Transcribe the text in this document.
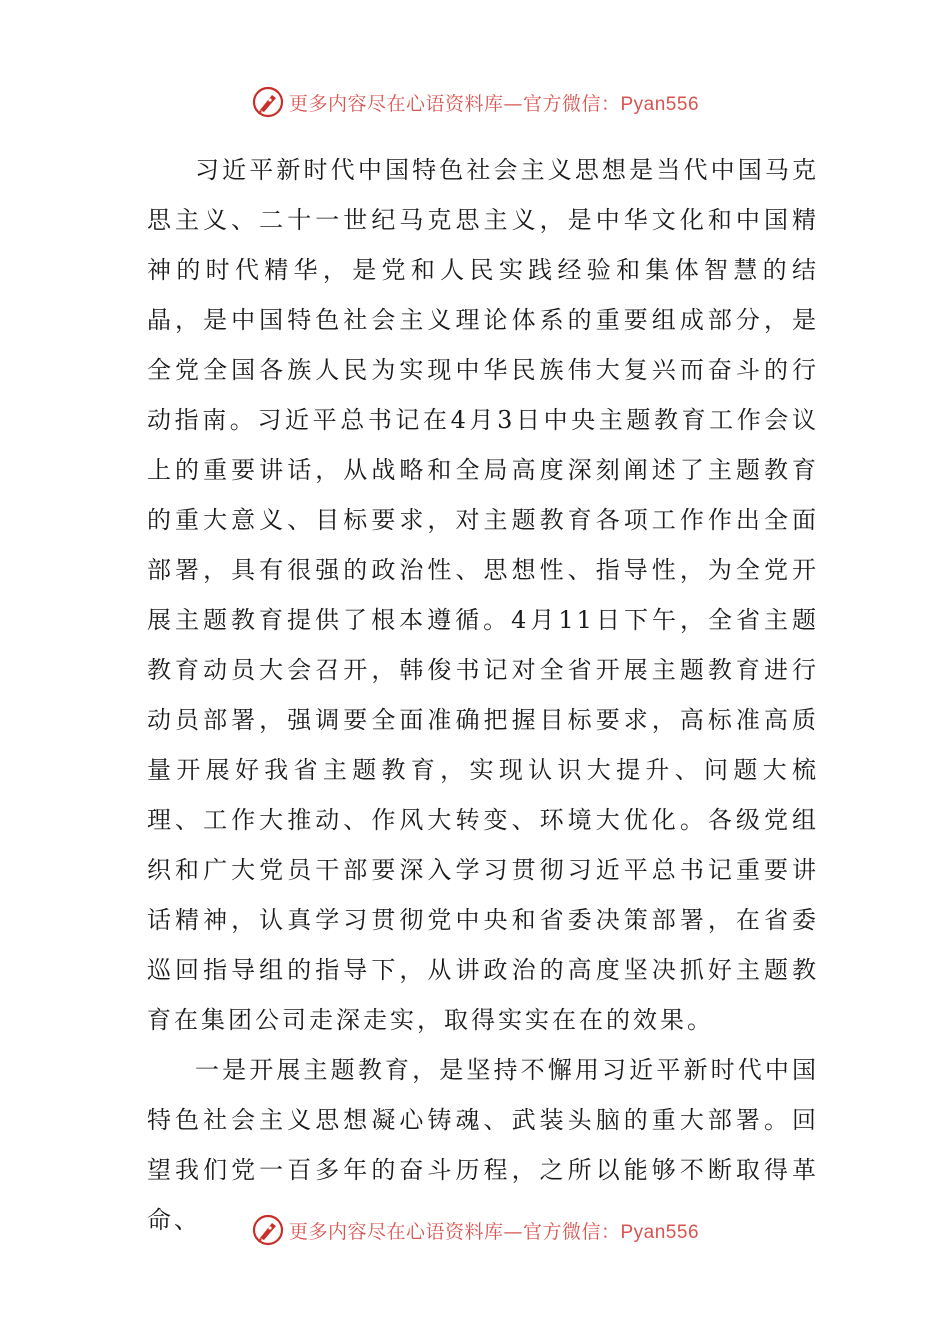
更多内容尽在心语资料库—官方微信：Pyan556

习近平新时代中国特色社会主义思想是当代中国马克思主义、二十一世纪马克思主义，是中华文化和中国精神的时代精华，是党和人民实践经验和集体智慧的结晶，是中国特色社会主义理论体系的重要组成部分，是全党全国各族人民为实现中华民族伟大复兴而奋斗的行动指南。习近平总书记在4月3日中央主题教育工作会议上的重要讲话，从战略和全局高度深刻阐述了主题教育的重大意义、目标要求，对主题教育各项工作作出全面部署，具有很强的政治性、思想性、指导性，为全党开展主题教育提供了根本遵循。4月11日下午，全省主题教育动员大会召开，韩俊书记对全省开展主题教育进行动员部署，强调要全面准确把握目标要求，高标准高质量开展好我省主题教育，实现认识大提升、问题大梳理、工作大推动、作风大转变、环境大优化。各级党组织和广大党员干部要深入学习贯彻习近平总书记重要讲话精神，认真学习贯彻党中央和省委决策部署，在省委巡回指导组的指导下，从讲政治的高度坚决抓好主题教育在集团公司走深走实，取得实实在在的效果。

一是开展主题教育，是坚持不懈用习近平新时代中国特色社会主义思想凝心铸魂、武装头脑的重大部署。回望我们党一百多年的奋斗历程，之所以能够不断取得革命、	更多内容尽在心语资料库—官方微信：Pyan556
